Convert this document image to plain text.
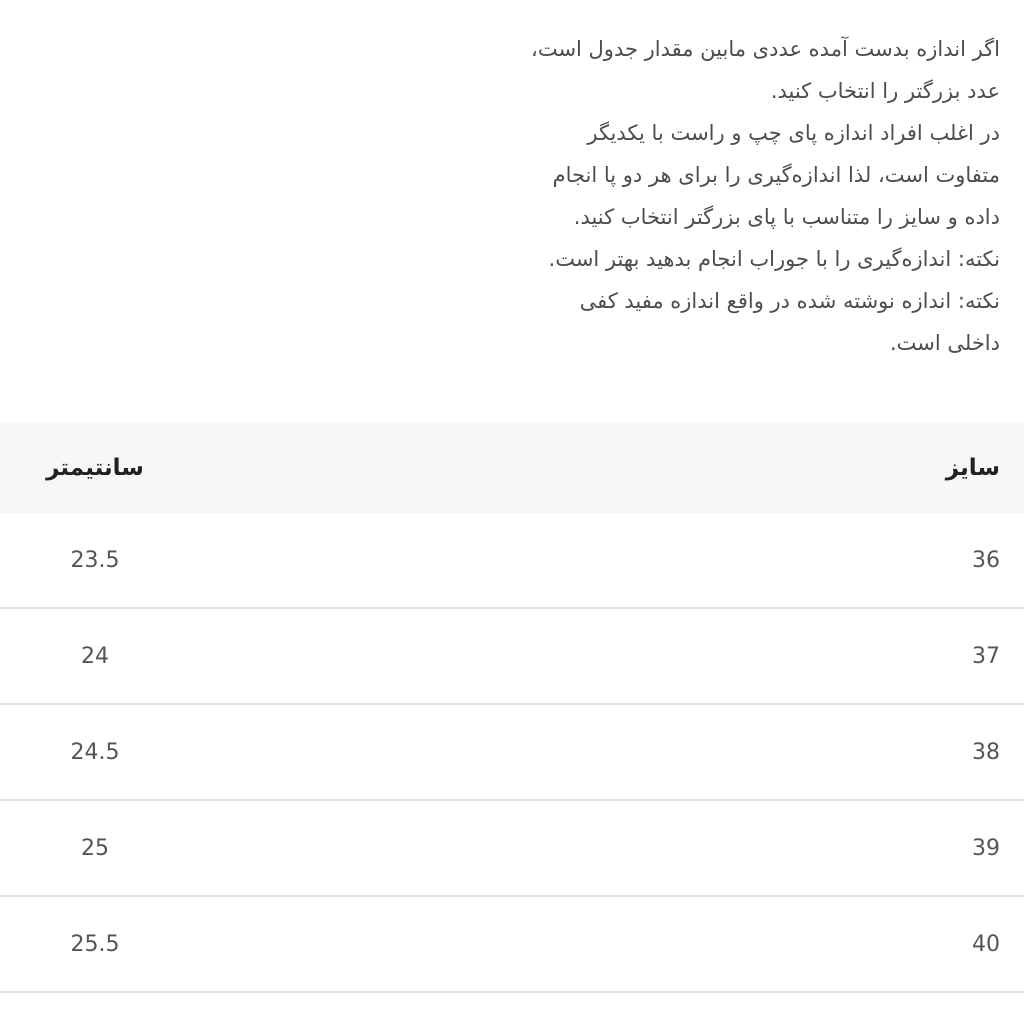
اگر اندازه بدست آمده عددی مابین مقدار جدول است،
عدد بزرگتر را انتخاب کنید.
در اغلب افراد اندازه پای چپ و راست با یکدیگر
متفاوت است، لذا اندازه‌گیری را برای هر دو پا انجام
داده و سایز را متناسب با پای بزرگتر انتخاب کنید.
نکته: اندازه‌گیری را با جوراب انجام بدهید بهتر است.
نکته: اندازه نوشته شده در واقع اندازه مفید کفی
داخلی است.
سانتیمتر	سایز
23.5	36
24	37
24.5	38
25	39
25.5	40
